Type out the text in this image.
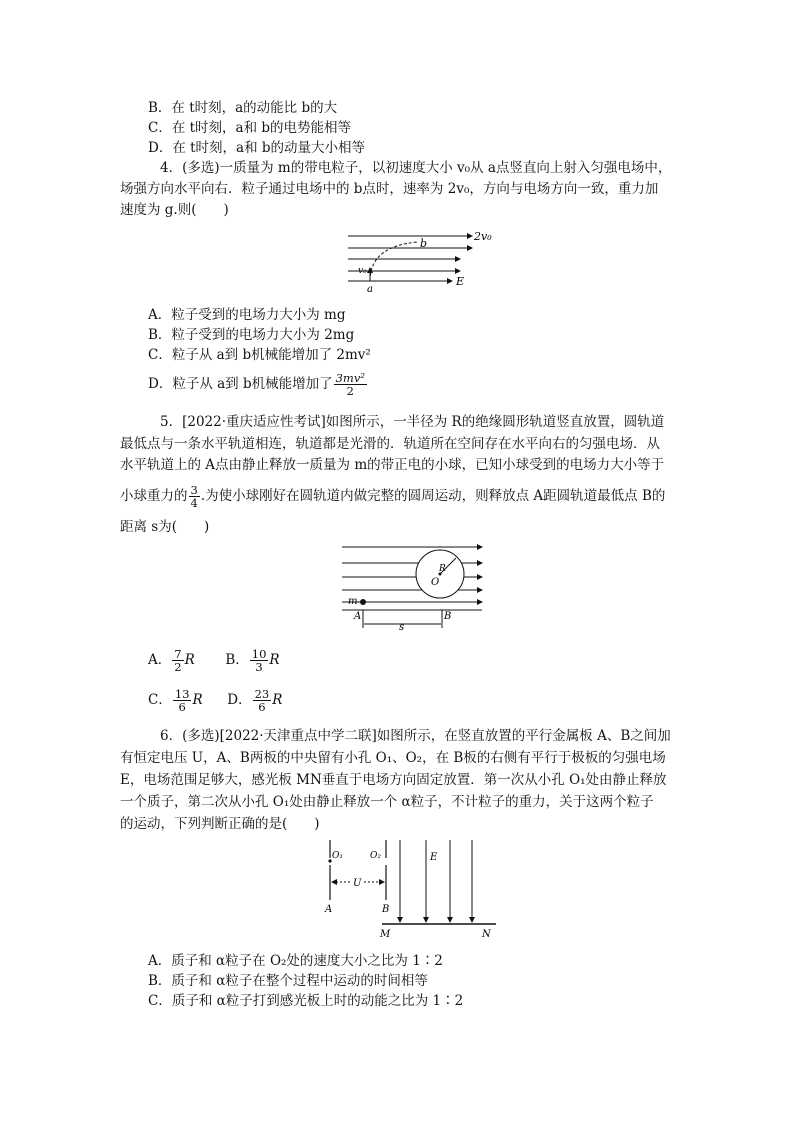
B．在 t时刻，a的动能比 b的大
C．在 t时刻，a和 b的电势能相等
D．在 t时刻，a和 b的动量大小相等
4．(多选)一质量为 m的带电粒子，以初速度大小 v₀从 a点竖直向上射入匀强电场中，
场强方向水平向右．粒子通过电场中的 b点时，速率为 2v₀，方向与电场方向一致，重力加
速度为 g.则(　　)
b
2v₀
v₀
a
E
A．粒子受到的电场力大小为 mg
B．粒子受到的电场力大小为 2mg
C．粒子从 a到 b机械能增加了 2mv²
D．粒子从 a到 b机械能增加了 $\frac{\text{3mv²}}{2}$
5．[2022·重庆适应性考试]如图所示，一半径为 R的绝缘圆形轨道竖直放置，圆轨道
最低点与一条水平轨道相连，轨道都是光滑的．轨道所在空间存在水平向右的匀强电场．从
水平轨道上的 A点由静止释放一质量为 m的带正电的小球，已知小球受到的电场力大小等于
小球重力的 $\frac{3}{4}$ .为使小球刚好在圆轨道内做完整的圆周运动，则释放点 A距圆轨道最低点 B的
距离 s为(　　)
R
O
m
A	B
s
A． $\frac{7}{2}$ R B． $\frac{10}{3}$ R
C． $\frac{13}{6}$ R D． $\frac{23}{6}$ R
6．(多选)[2022·天津重点中学二联]如图所示，在竖直放置的平行金属板 A、B之间加
有恒定电压 U，A、B两板的中央留有小孔 O₁、O₂，在 B板的右侧有平行于极板的匀强电场
E，电场范围足够大，感光板 MN垂直于电场方向固定放置．第一次从小孔 O₁处由静止释放
一个质子，第二次从小孔 O₁处由静止释放一个 α粒子，不计粒子的重力，关于这两个粒子
的运动，下列判断正确的是(　　)
O₁	O₂	E
U
A	B
M	N
A．质子和 α粒子在 O₂处的速度大小之比为 1∶2
B．质子和 α粒子在整个过程中运动的时间相等
C．质子和 α粒子打到感光板上时的动能之比为 1∶2
